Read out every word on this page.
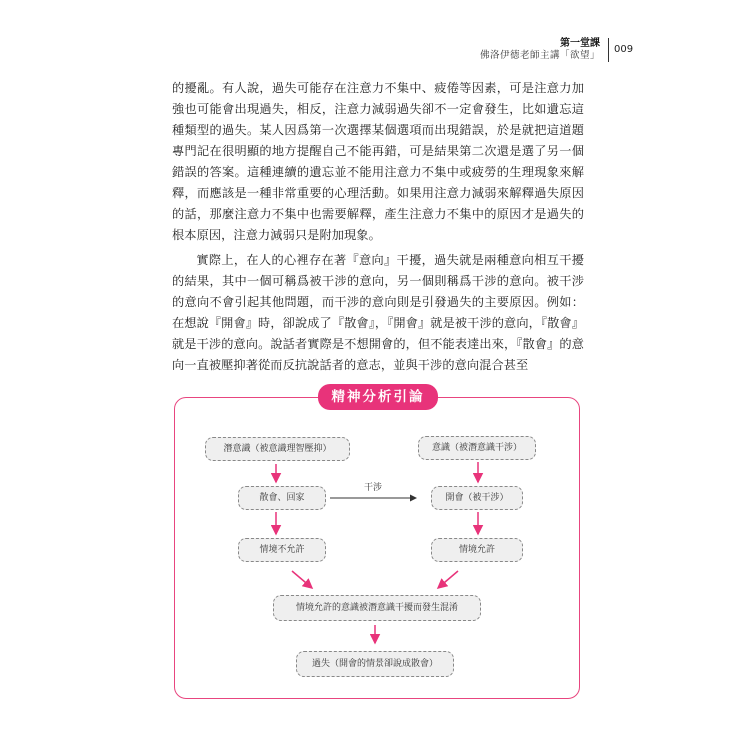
第一堂課
佛洛伊德老師主講「欲望」
009

的擾亂。有人說，過失可能存在注意力不集中、疲倦等因素，可是注意力加強也可能會出現過失，相反，注意力減弱過失卻不一定會發生，比如遺忘這種類型的過失。某人因爲第一次選擇某個選項而出現錯誤，於是就把這道題專門記在很明顯的地方提醒自己不能再錯，可是結果第二次還是選了另一個錯誤的答案。這種連續的遺忘並不能用注意力不集中或疲勞的生理現象來解釋，而應該是一種非常重要的心理活動。如果用注意力減弱來解釋過失原因的話，那麼注意力不集中也需要解釋，產生注意力不集中的原因才是過失的根本原因，注意力減弱只是附加現象。

實際上，在人的心裡存在著『意向』干擾，過失就是兩種意向相互干擾的結果，其中一個可稱爲被干涉的意向，另一個則稱爲干涉的意向。被干涉的意向不會引起其他問題，而干涉的意向則是引發過失的主要原因。例如：在想說『開會』時，卻說成了『散會』，『開會』就是被干涉的意向，『散會』就是干涉的意向。說話者實際是不想開會的，但不能表達出來，『散會』的意向一直被壓抑著從而反抗說話者的意志，並與干涉的意向混合甚至

精神分析引論
潛意識（被意識理智壓抑）
散會、回家
情境不允許
意識（被潛意識干涉）
開會（被干涉）
情境允許
干涉
情境允許的意識被潛意識干擾而發生混淆
過失（開會的情景卻說成散會）
